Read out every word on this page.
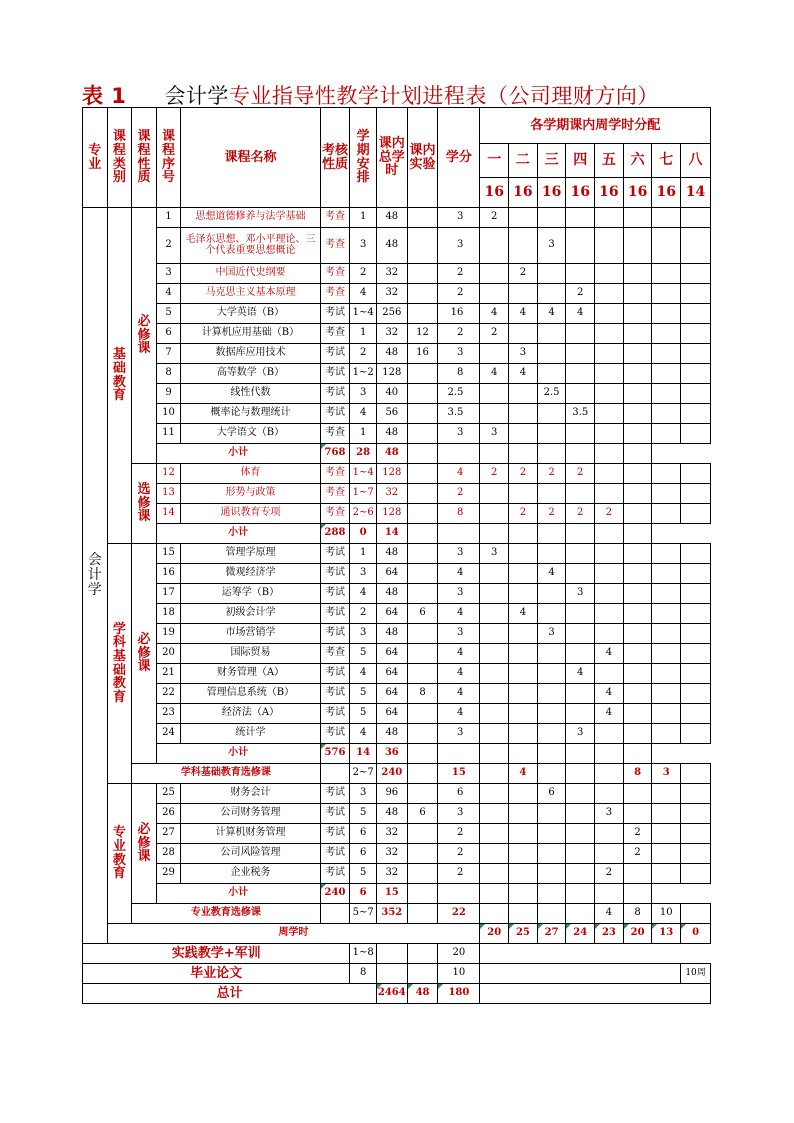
表 1 会计学专业指导性教学计划进程表（公司理财方向）
专业	课程类别	课程性质	课程序号	课程名称	考核性质	学期安排	课内总学时	课内实验	学分	各学期课内周学时分配							
										一	二	三	四	五	六	七	八
										16	16	16	16	16	16	16	14
会计学	基础教育	必修课	1	思想道德修养与法学基础	考查	1	48		3	2							
			2	毛泽东思想、邓小平理论、三个代表重要思想概论	考查	3	48		3			3					
			3	中国近代史纲要	考查	2	32		2		2						
			4	马克思主义基本原理	考查	4	32		2				2				
			5	大学英语（B）	考试	1~4	256		16	4	4	4	4				
			6	计算机应用基础（B）	考查	1	32	12	2	2							
			7	数据库应用技术	考试	2	48	16	3		3						
			8	高等数学（B）	考试	1~2	128		8	4	4						
			9	线性代数	考试	3	40		2.5			2.5					
			10	概率论与数理统计	考试	4	56		3.5				3.5				
			11	大学语文（B）	考查	1	48		3	3							
			小计		768	28	48										
		选修课	12	体育	考查	1~4	128		4	2	2	2	2				
			13	形势与政策	考查	1~7	32		2								
			14	通识教育专项	考查	2~6	128		8		2	2	2	2			
			小计		288	0	14										
	学科基础教育	必修课	15	管理学原理	考试	1	48		3	3							
			16	微观经济学	考试	3	64		4			4					
			17	运筹学（B）	考试	4	48		3				3				
			18	初级会计学	考试	2	64	6	4		4						
			19	市场营销学	考试	3	48		3			3					
			20	国际贸易	考查	5	64		4					4			
			21	财务管理（A）	考试	4	64		4				4				
			22	管理信息系统（B）	考试	5	64	8	4					4			
			23	经济法（A）	考试	5	64		4					4			
			24	统计学	考试	4	48		3				3				
			小计		576	14	36										
		学科基础教育选修课				2~7	240		15		4				8	3	
	专业教育	必修课	25	财务会计	考试	3	96		6			6					
			26	公司财务管理	考试	5	48	6	3					3			
			27	计算机财务管理	考试	6	32		2						2		
			28	公司风险管理	考试	6	32		2						2		
			29	企业税务	考试	5	32		2					2			
			小计		240	6	15										
		专业教育选修课				5~7	352		22					4	8	10	
	周学时									20	25	27	24	23	20	13	0
实践教学+军训						1~8			20								
毕业论文						8			10								10周
总计							2464	48	180								
